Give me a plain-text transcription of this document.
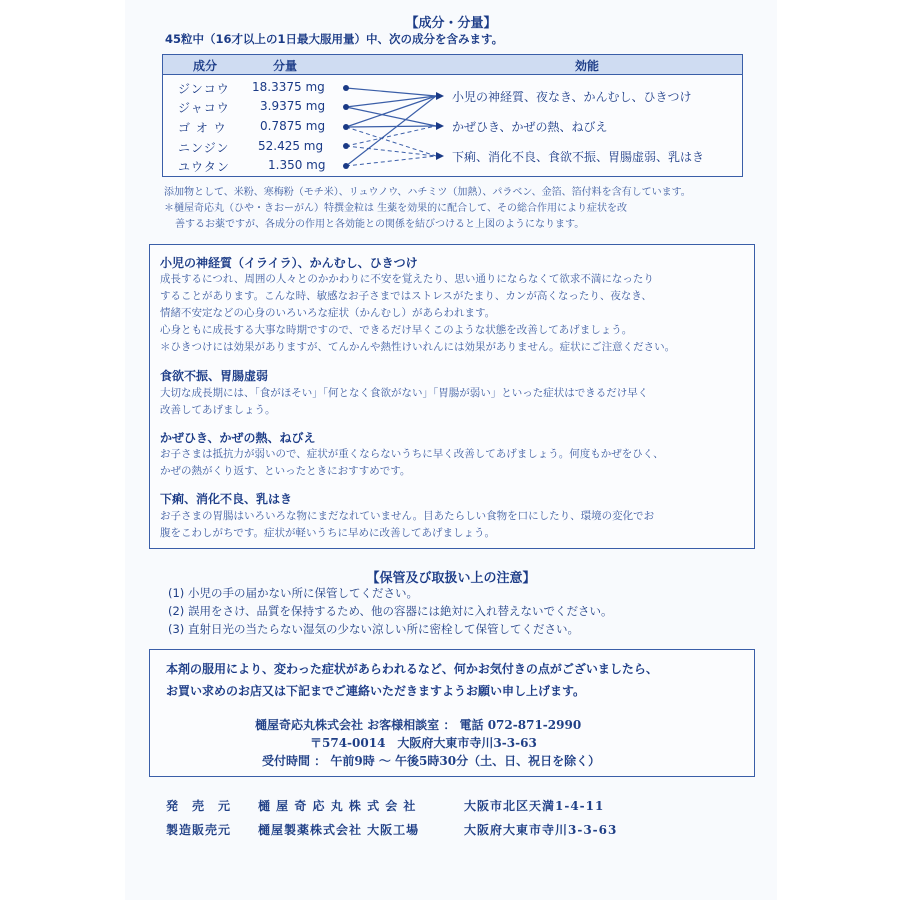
【成分・分量】
45粒中（16才以上の1日最大服用量）中、次の成分を含みます。
成分	分量	効能
ジンコウ 18.3375 mg
ジャコウ	3.9375 mg
ゴ オ ウ	0.7875 mg
ニンジン 52.425 mg
ユウタン	1.350 mg
小児の神経質、夜なき、かんむし、ひきつけ
かぜひき、かぜの熱、ねびえ
下痢、消化不良、食欲不振、胃腸虚弱、乳はき
添加物として、米粉、寒梅粉（モチ米）、リュウノウ、ハチミツ（加熱）、パラベン、金箔、箔付料を含有しています。
＊樋屋奇応丸（ひや・きおーがん）特撰金粒は 生薬を効果的に配合して、その総合作用により症状を改
善するお薬ですが、各成分の作用と各効能との関係を結びつけると上図のようになります。
小児の神経質（イライラ）、かんむし、ひきつけ
成長するにつれ、周囲の人々とのかかわりに不安を覚えたり、思い通りにならなくて欲求不満になったり
することがあります。こんな時、敏感なお子さまではストレスがたまり、カンが高くなったり、夜なき、
情緒不安定などの心身のいろいろな症状（かんむし）があらわれます。
心身ともに成長する大事な時期ですので、できるだけ早くこのような状態を改善してあげましょう。
＊ひきつけには効果がありますが、てんかんや熱性けいれんには効果がありません。症状にご注意ください。
食欲不振、胃腸虚弱
大切な成長期には、「食がほそい」「何となく食欲がない」「胃腸が弱い」といった症状はできるだけ早く
改善してあげましょう。
かぜひき、かぜの熱、ねびえ
お子さまは抵抗力が弱いので、症状が重くならないうちに早く改善してあげましょう。何度もかぜをひく、
かぜの熱がくり返す、といったときにおすすめです。
下痢、消化不良、乳はき
お子さまの胃腸はいろいろな物にまだなれていません。目あたらしい食物を口にしたり、環境の変化でお
腹をこわしがちです。症状が軽いうちに早めに改善してあげましょう。
【保管及び取扱い上の注意】
(1) 小児の手の届かない所に保管してください。
(2) 誤用をさけ、品質を保持するため、他の容器には絶対に入れ替えないでください。
(3) 直射日光の当たらない湿気の少ない涼しい所に密栓して保管してください。
本剤の服用により、変わった症状があらわれるなど、何かお気付きの点がございましたら、
お買い求めのお店又は下記までご連絡いただきますようお願い申し上げます。
樋屋奇応丸株式会社 お客様相談室 ： 電話 072-871-2990
〒574-0014　大阪府大東市寺川3-3-63
受付時間 ： 午前9時 ～ 午後5時30分（土、日、祝日を除く）
発　売　元 樋 屋 奇 応 丸 株 式 会 社	大阪市北区天満1-4-11
製造販売元 樋屋製薬株式会社 大阪工場	大阪府大東市寺川3-3-63
